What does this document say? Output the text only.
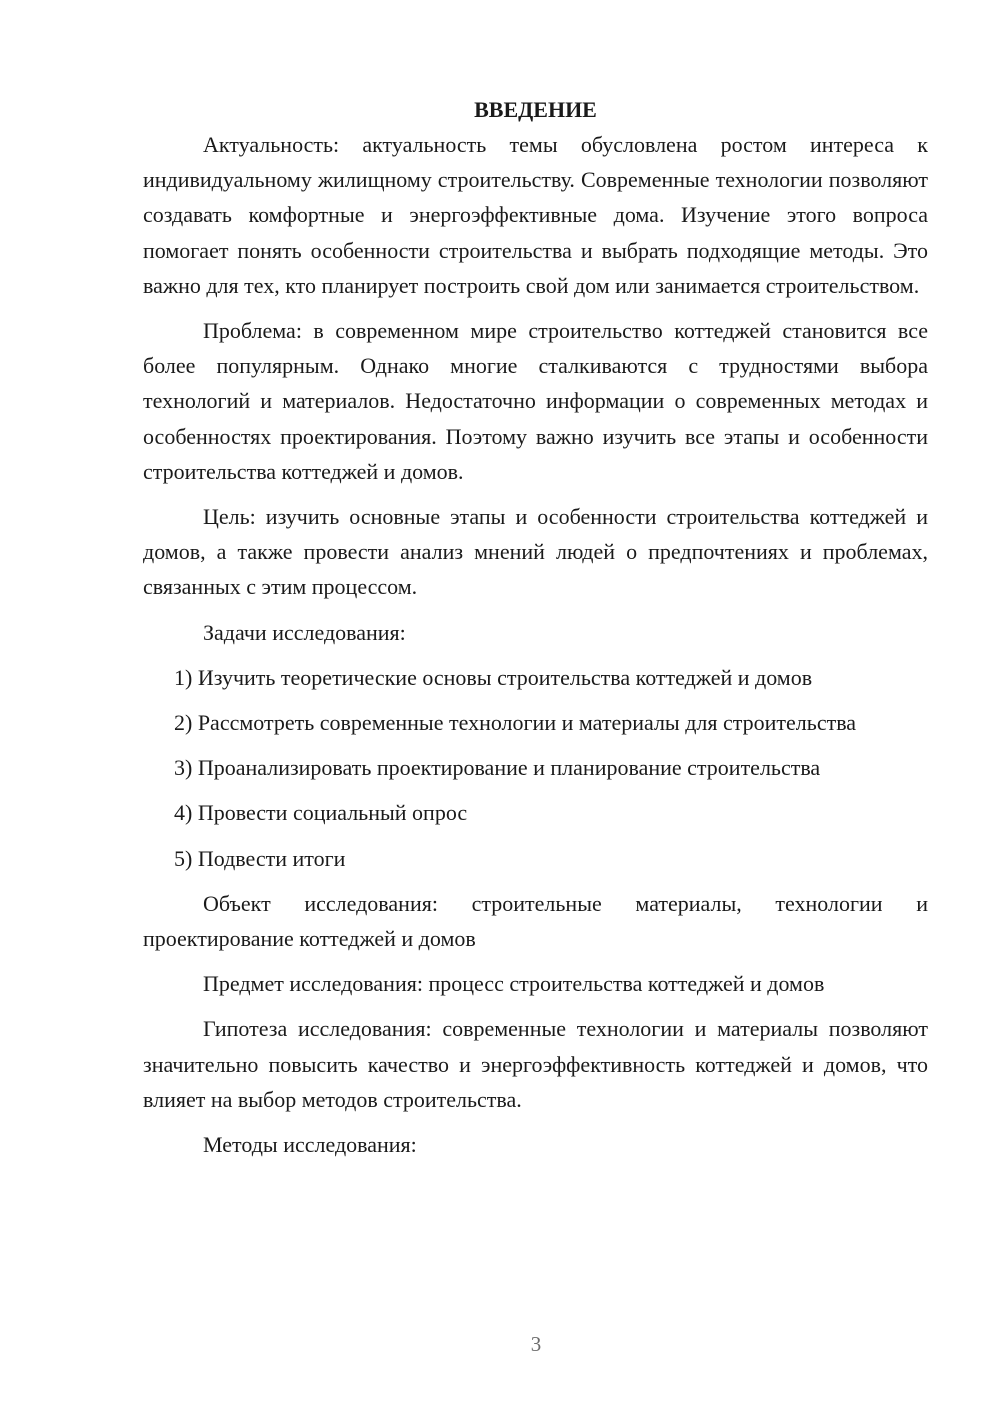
ВВЕДЕНИЕ

Актуальность: актуальность темы обусловлена ростом интереса к индивидуальному жилищному строительству. Современные технологии позволяют создавать комфортные и энергоэффективные дома. Изучение этого вопроса помогает понять особенности строительства и выбрать подходящие методы. Это важно для тех, кто планирует построить свой дом или занимается строительством.

Проблема: в современном мире строительство коттеджей становится все более популярным. Однако многие сталкиваются с трудностями выбора технологий и материалов. Недостаточно информации о современных методах и особенностях проектирования. Поэтому важно изучить все этапы и особенности строительства коттеджей и домов.

Цель: изучить основные этапы и особенности строительства коттеджей и домов, а также провести анализ мнений людей о предпочтениях и проблемах, связанных с этим процессом.

Задачи исследования:

1) Изучить теоретические основы строительства коттеджей и домов

2) Рассмотреть современные технологии и материалы для строительства

3) Проанализировать проектирование и планирование строительства

4) Провести социальный опрос

5) Подвести итоги

Объект исследования: строительные материалы, технологии и проектирование коттеджей и домов

Предмет исследования: процесс строительства коттеджей и домов

Гипотеза исследования: современные технологии и материалы позволяют значительно повысить качество и энергоэффективность коттеджей и домов, что влияет на выбор методов строительства.

Методы исследования:

3
